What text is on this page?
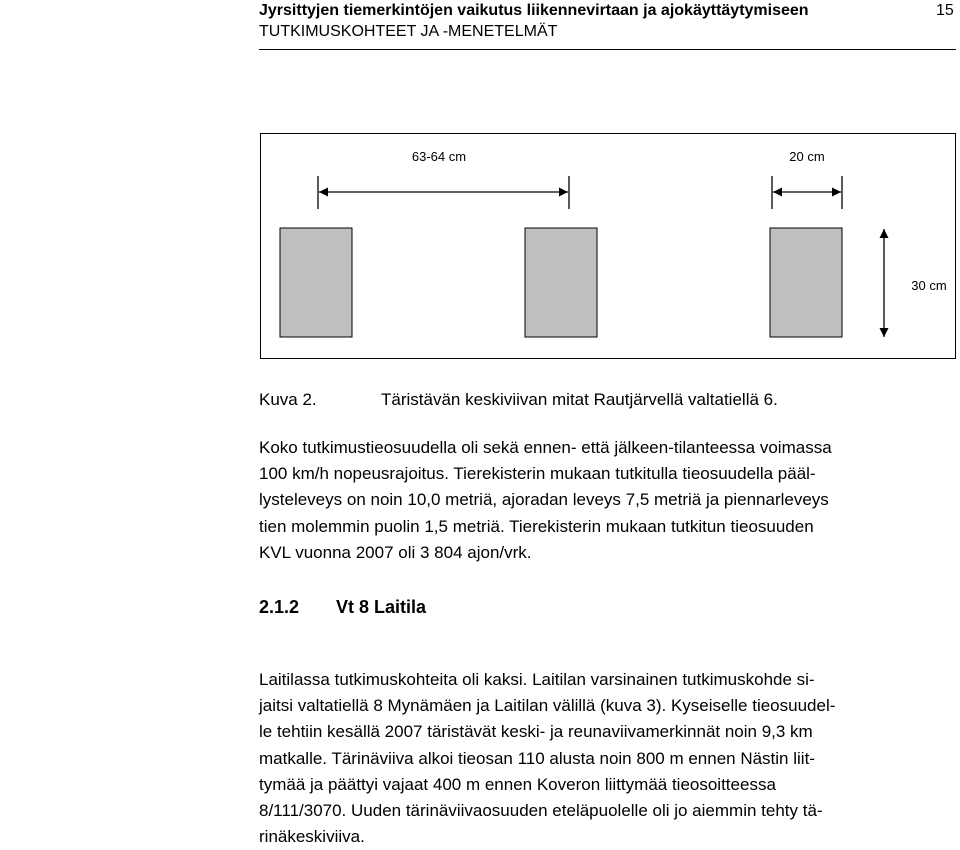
Jyrsittyjen tiemerkintöjen vaikutus liikennevirtaan ja ajokäyttäytymiseen
TUTKIMUSKOHTEET JA -MENETELMÄT
15
63-64 cm	20 cm
30 cm
Kuva 2.	Täristävän keskiviivan mitat Rautjärvellä valtatiellä 6.
Koko tutkimustieosuudella oli sekä ennen- että jälkeen-tilanteessa voimassa
100 km/h nopeusrajoitus. Tierekisterin mukaan tutkitulla tieosuudella pääl-
lysteleveys on noin 10,0 metriä, ajoradan leveys 7,5 metriä ja piennarleveys
tien molemmin puolin 1,5 metriä. Tierekisterin mukaan tutkitun tieosuuden
KVL vuonna 2007 oli 3 804 ajon/vrk.
2.1.2 Vt 8 Laitila
Laitilassa tutkimuskohteita oli kaksi. Laitilan varsinainen tutkimuskohde si-
jaitsi valtatiellä 8 Mynämäen ja Laitilan välillä (kuva 3). Kyseiselle tieosuudel-
le tehtiin kesällä 2007 täristävät keski- ja reunaviivamerkinnät noin 9,3 km
matkalle. Tärinäviiva alkoi tieosan 110 alusta noin 800 m ennen Nästin liit-
tymää ja päättyi vajaat 400 m ennen Koveron liittymää tieosoitteessa
8/111/3070. Uuden tärinäviivaosuuden eteläpuolelle oli jo aiemmin tehty tä-
rinäkeskiviiva.
